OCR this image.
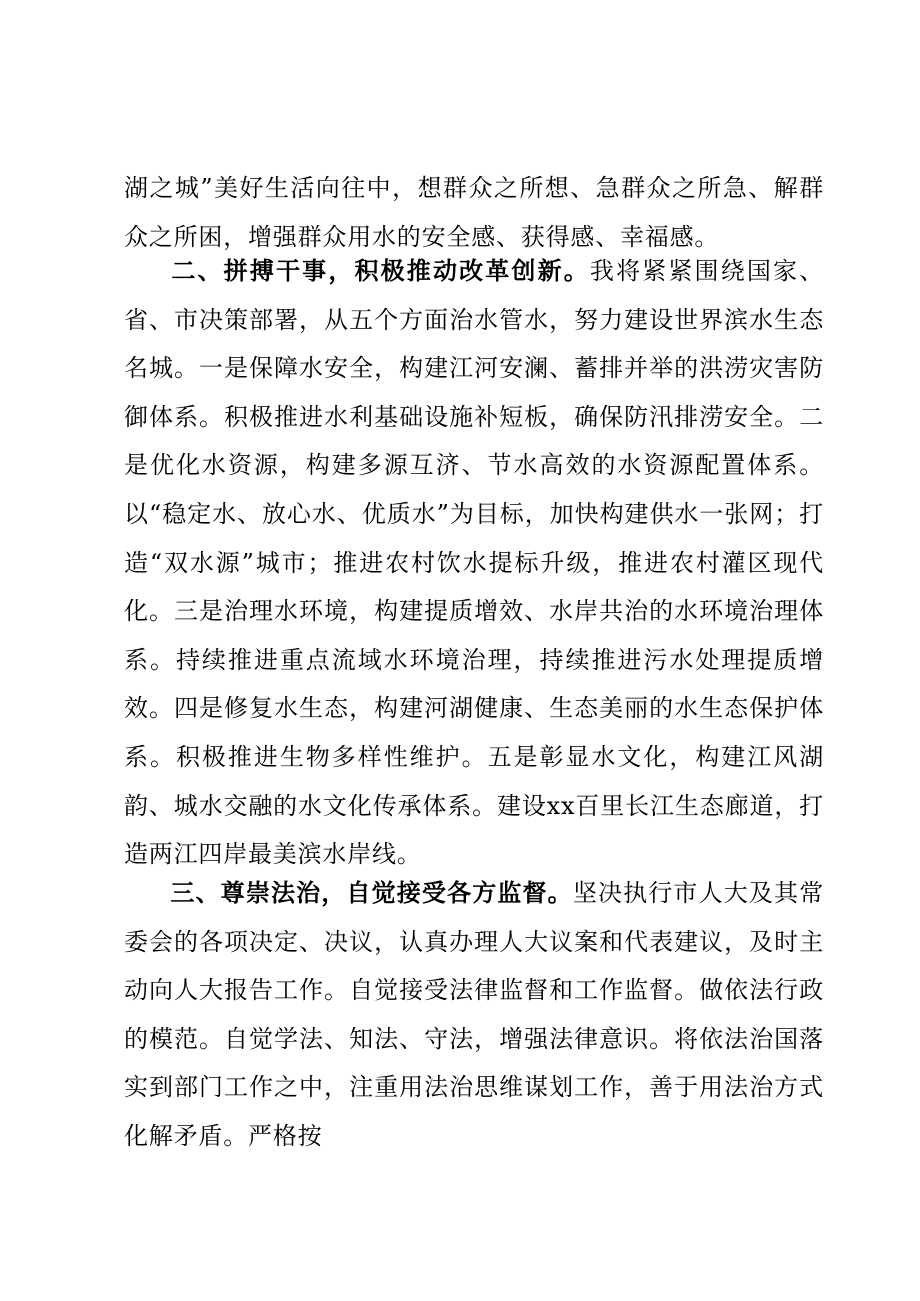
湖之城”美好生活向往中，想群众之所想、急群众之所急、解群众之所困，增强群众用水的安全感、获得感、幸福感。

二、拼搏干事，积极推动改革创新。我将紧紧围绕国家、省、市决策部署，从五个方面治水管水，努力建设世界滨水生态名城。一是保障水安全，构建江河安澜、蓄排并举的洪涝灾害防御体系。积极推进水利基础设施补短板，确保防汛排涝安全。二是优化水资源，构建多源互济、节水高效的水资源配置体系。以“稳定水、放心水、优质水”为目标，加快构建供水一张网；打造“双水源”城市；推进农村饮水提标升级，推进农村灌区现代化。三是治理水环境，构建提质增效、水岸共治的水环境治理体系。持续推进重点流域水环境治理，持续推进污水处理提质增效。四是修复水生态，构建河湖健康、生态美丽的水生态保护体系。积极推进生物多样性维护。五是彰显水文化，构建江风湖韵、城水交融的水文化传承体系。建设xx百里长江生态廊道，打造两江四岸最美滨水岸线。

三、尊崇法治，自觉接受各方监督。坚决执行市人大及其常委会的各项决定、决议，认真办理人大议案和代表建议，及时主动向人大报告工作。自觉接受法律监督和工作监督。做依法行政的模范。自觉学法、知法、守法，增强法律意识。将依法治国落实到部门工作之中，注重用法治思维谋划工作，善于用法治方式化解矛盾。严格按
